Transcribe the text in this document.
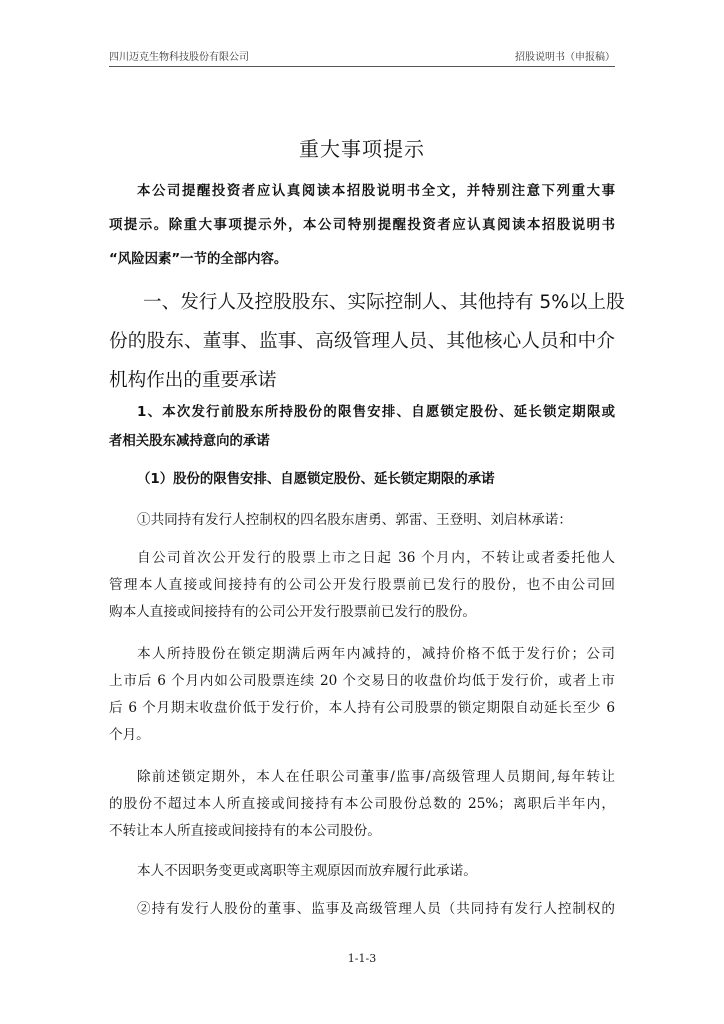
四川迈克生物科技股份有限公司	招股说明书（申报稿）
重大事项提示
本公司提醒投资者应认真阅读本招股说明书全文，并特别注意下列重大事
项提示。除重大事项提示外，本公司特别提醒投资者应认真阅读本招股说明书
“风险因素”一节的全部内容。
一、发行人及控股股东、实际控制人、其他持有 5%以上股
份的股东、董事、监事、高级管理人员、其他核心人员和中介
机构作出的重要承诺
1、本次发行前股东所持股份的限售安排、自愿锁定股份、延长锁定期限或
者相关股东减持意向的承诺
（1）股份的限售安排、自愿锁定股份、延长锁定期限的承诺
①共同持有发行人控制权的四名股东唐勇、郭雷、王登明、刘启林承诺：
自公司首次公开发行的股票上市之日起 36 个月内，不转让或者委托他人
管理本人直接或间接持有的公司公开发行股票前已发行的股份，也不由公司回
购本人直接或间接持有的公司公开发行股票前已发行的股份。
本人所持股份在锁定期满后两年内减持的，减持价格不低于发行价；公司
上市后 6 个月内如公司股票连续 20 个交易日的收盘价均低于发行价，或者上市
后 6 个月期末收盘价低于发行价，本人持有公司股票的锁定期限自动延长至少 6
个月。
除前述锁定期外，本人在任职公司董事/监事/高级管理人员期间,每年转让
的股份不超过本人所直接或间接持有本公司股份总数的 25%；离职后半年内，
不转让本人所直接或间接持有的本公司股份。
本人不因职务变更或离职等主观原因而放弃履行此承诺。
②持有发行人股份的董事、监事及高级管理人员（共同持有发行人控制权的
1-1-3
